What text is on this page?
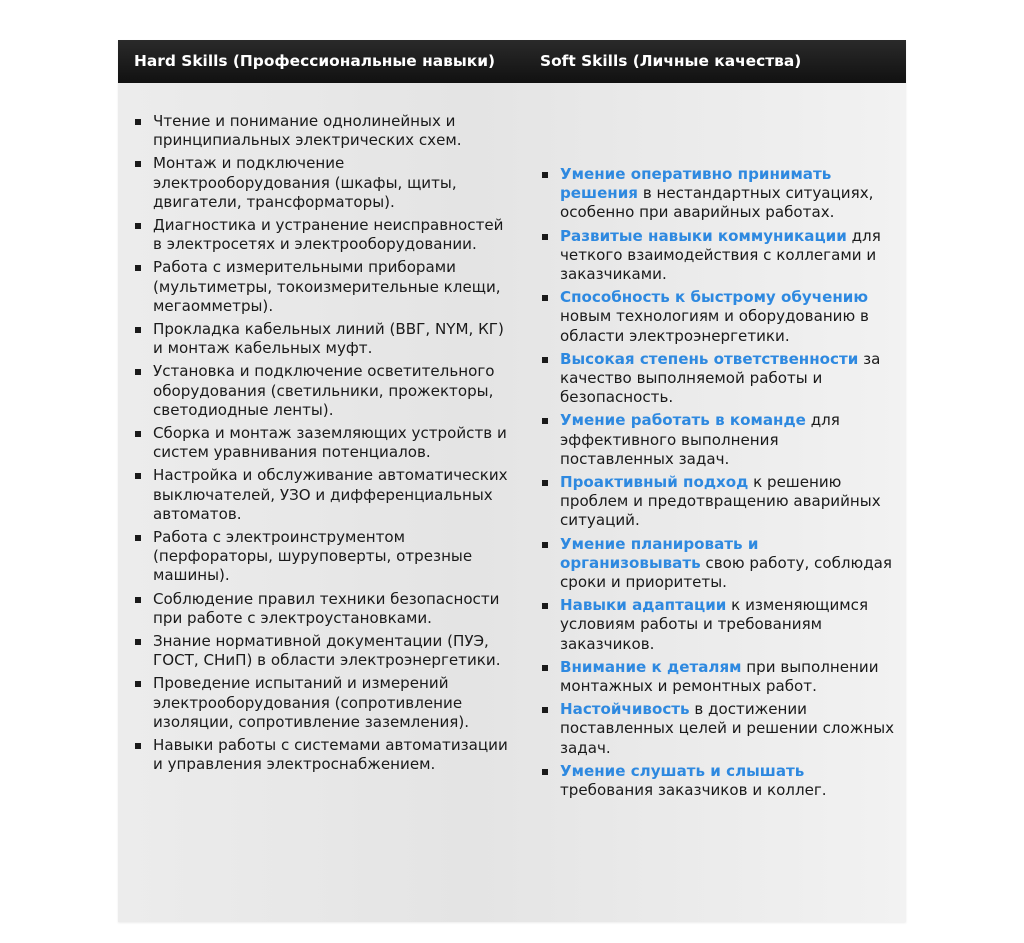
Hard Skills (Профессиональные навыки)	Soft Skills (Личные качества)
Чтение и понимание однолинейных и принципиальных электрических схем.
Монтаж и подключение электрооборудования (шкафы, щиты, двигатели, трансформаторы).
Диагностика и устранение неисправностей в электросетях и электрооборудовании.
Работа с измерительными приборами (мультиметры, токоизмерительные клещи, мегаомметры).
Прокладка кабельных линий (ВВГ, NYM, КГ) и монтаж кабельных муфт.
Установка и подключение осветительного оборудования (светильники, прожекторы, светодиодные ленты).
Сборка и монтаж заземляющих устройств и систем уравнивания потенциалов.
Настройка и обслуживание автоматических выключателей, УЗО и дифференциальных автоматов.
Работа с электроинструментом (перфораторы, шуруповерты, отрезные машины).
Соблюдение правил техники безопасности при работе с электроустановками.
Знание нормативной документации (ПУЭ, ГОСТ, СНиП) в области электроэнергетики.
Проведение испытаний и измерений электрооборудования (сопротивление изоляции, сопротивление заземления).
Навыки работы с системами автоматизации и управления электроснабжением.
Умение оперативно принимать решения в нестандартных ситуациях, особенно при аварийных работах.
Развитые навыки коммуникации для четкого взаимодействия с коллегами и заказчиками.
Способность к быстрому обучению новым технологиям и оборудованию в области электроэнергетики.
Высокая степень ответственности за качество выполняемой работы и безопасность.
Умение работать в команде для эффективного выполнения поставленных задач.
Проактивный подход к решению проблем и предотвращению аварийных ситуаций.
Умение планировать и организовывать свою работу, соблюдая сроки и приоритеты.
Навыки адаптации к изменяющимся условиям работы и требованиям заказчиков.
Внимание к деталям при выполнении монтажных и ремонтных работ.
Настойчивость в достижении поставленных целей и решении сложных задач.
Умение слушать и слышать требования заказчиков и коллег.
